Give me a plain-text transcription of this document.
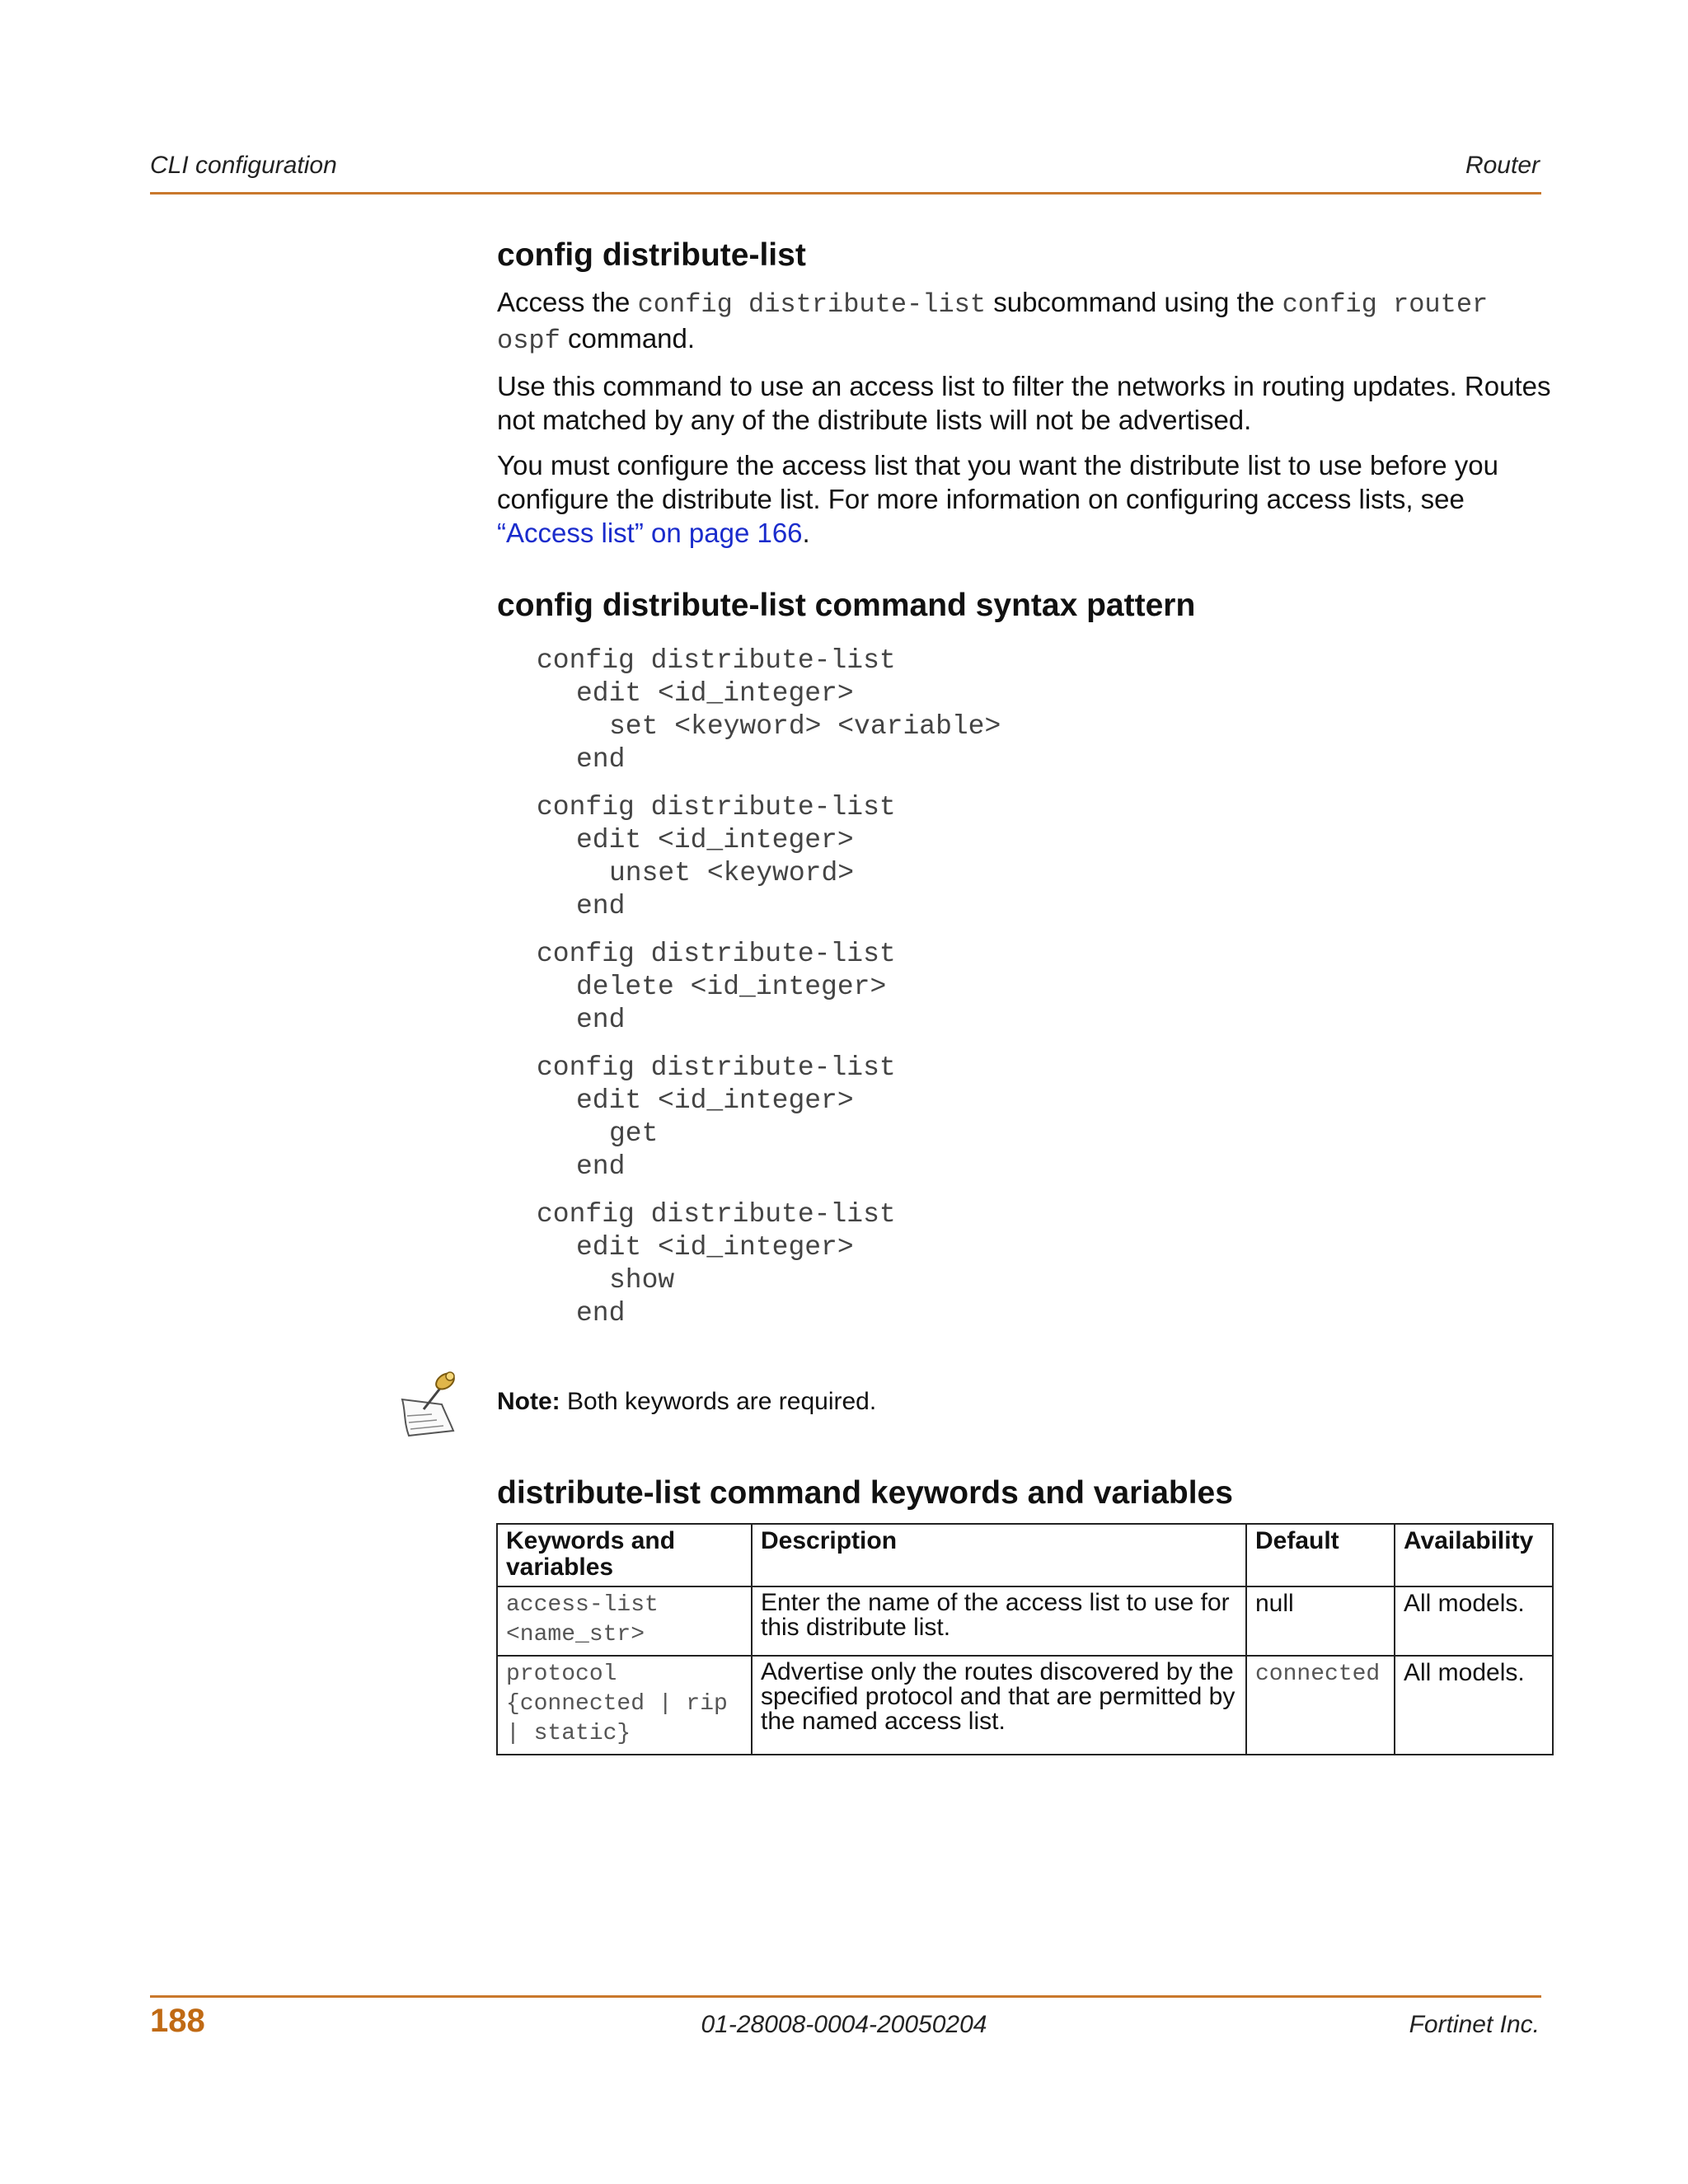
CLI configuration	Router
config distribute-list

Access the config distribute-list subcommand using the config router
ospf command.

Use this command to use an access list to filter the networks in routing updates. Routes not matched by any of the distribute lists will not be advertised.

You must configure the access list that you want the distribute list to use before you configure the distribute list. For more information on configuring access lists, see “Access list” on page 166.

config distribute-list command syntax pattern
config distribute-list
edit <id_integer>
set <keyword> <variable>
end
config distribute-list
edit <id_integer>
unset <keyword>
end
config distribute-list
delete <id_integer>
end
config distribute-list
edit <id_integer>
get
end
config distribute-list
edit <id_integer>
show
end
Note: Both keywords are required.
distribute-list command keywords and variables
Keywords and variables	Description	Default	Availability

access-list
<name_str>	Enter the name of the access list to use for this distribute list.	null	All models.

protocol
{connected | rip
| static}	Advertise only the routes discovered by the specified protocol and that are permitted by the named access list.	connected	All models.
188	01-28008-0004-20050204	Fortinet Inc.
